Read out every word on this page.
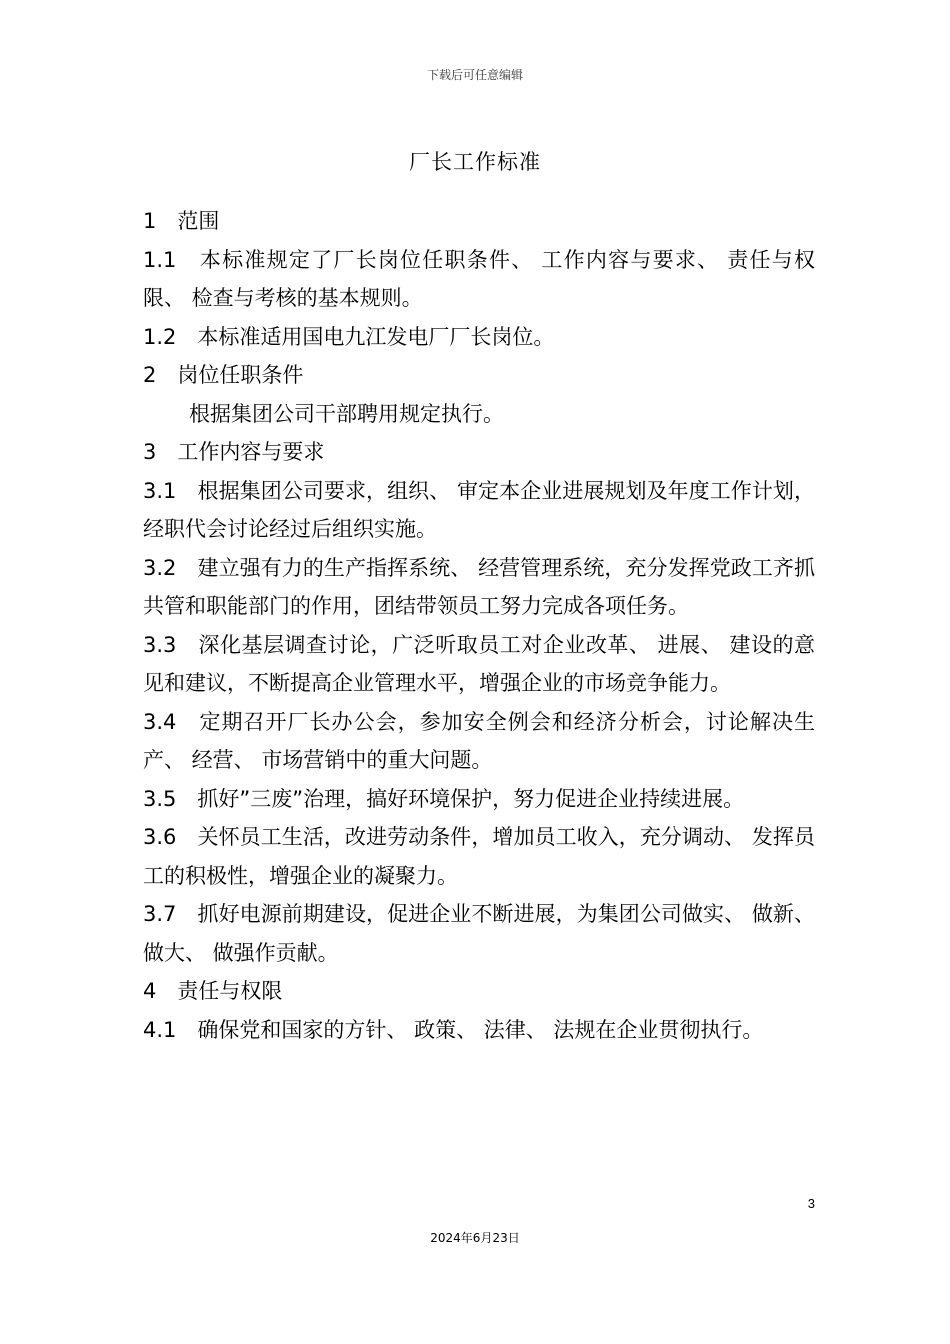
下载后可任意编辑
厂长工作标准

1　范围

1.1　本标准规定了厂长岗位任职条件、 工作内容与要求、 责任与权限、 检查与考核的基本规则。

1.2　本标准适用国电九江发电厂厂长岗位。

2　岗位任职条件

根据集团公司干部聘用规定执行。

3　工作内容与要求

3.1　根据集团公司要求，组织、 审定本企业进展规划及年度工作计划，经职代会讨论经过后组织实施。

3.2　建立强有力的生产指挥系统、 经营管理系统，充分发挥党政工齐抓共管和职能部门的作用，团结带领员工努力完成各项任务。

3.3　深化基层调查讨论，广泛听取员工对企业改革、 进展、 建设的意见和建议，不断提高企业管理水平，增强企业的市场竞争能力。

3.4　定期召开厂长办公会，参加安全例会和经济分析会，讨论解决生产、 经营、 市场营销中的重大问题。

3.5　抓好”三废”治理，搞好环境保护，努力促进企业持续进展。

3.6　关怀员工生活，改进劳动条件，增加员工收入，充分调动、 发挥员工的积极性，增强企业的凝聚力。

3.7　抓好电源前期建设，促进企业不断进展，为集团公司做实、 做新、 做大、 做强作贡献。

4　责任与权限

4.1　确保党和国家的方针、 政策、 法律、 法规在企业贯彻执行。

3
2024年6月23日
